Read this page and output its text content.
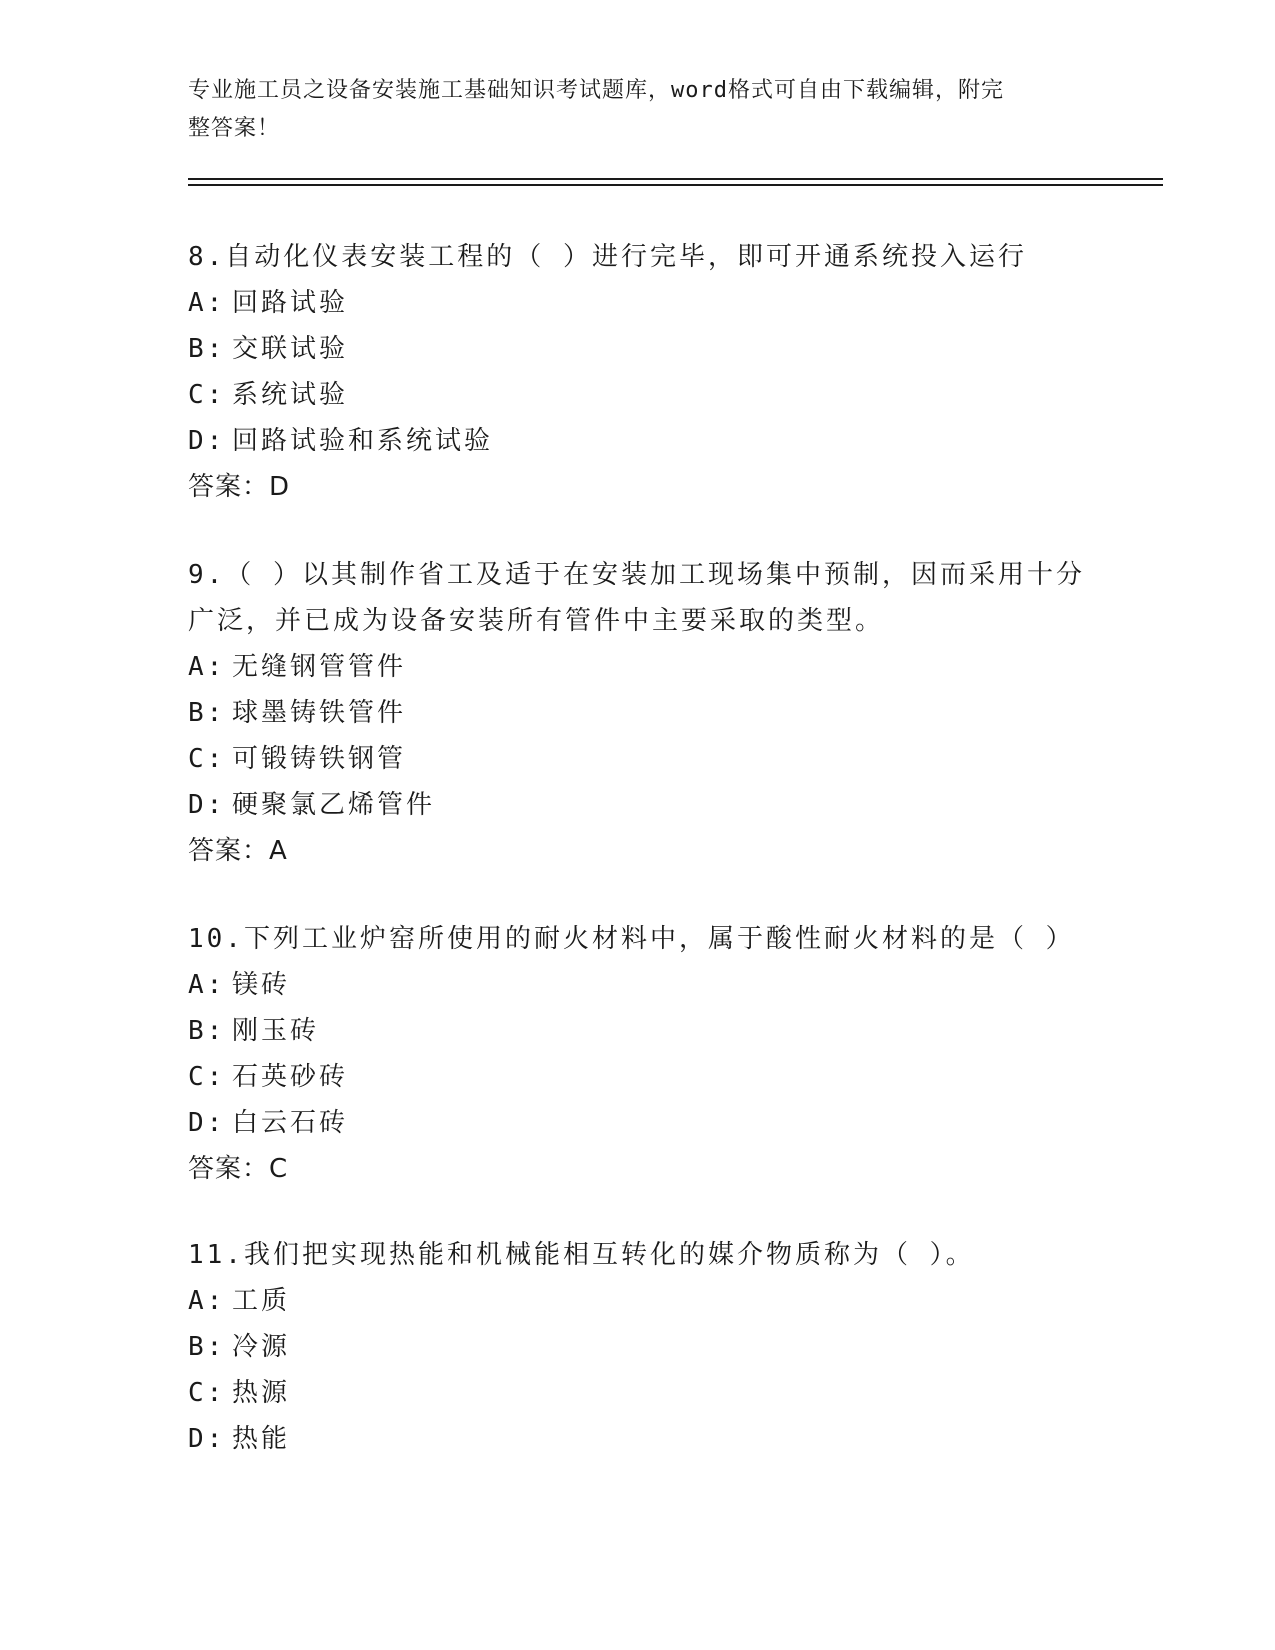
专业施工员之设备安装施工基础知识考试题库，word格式可自由下载编辑，附完
整答案！
8.自动化仪表安装工程的（ ）进行完毕，即可开通系统投入运行
A: 回路试验
B: 交联试验
C: 系统试验
D: 回路试验和系统试验
答案：D
9.（ ）以其制作省工及适于在安装加工现场集中预制，因而采用十分
广泛，并已成为设备安装所有管件中主要采取的类型。
A: 无缝钢管管件
B: 球墨铸铁管件
C: 可锻铸铁钢管
D: 硬聚氯乙烯管件
答案：A
10.下列工业炉窑所使用的耐火材料中，属于酸性耐火材料的是（ ）
A: 镁砖
B: 刚玉砖
C: 石英砂砖
D: 白云石砖
答案：C
11.我们把实现热能和机械能相互转化的媒介物质称为（ ）。
A: 工质
B: 冷源
C: 热源
D: 热能
